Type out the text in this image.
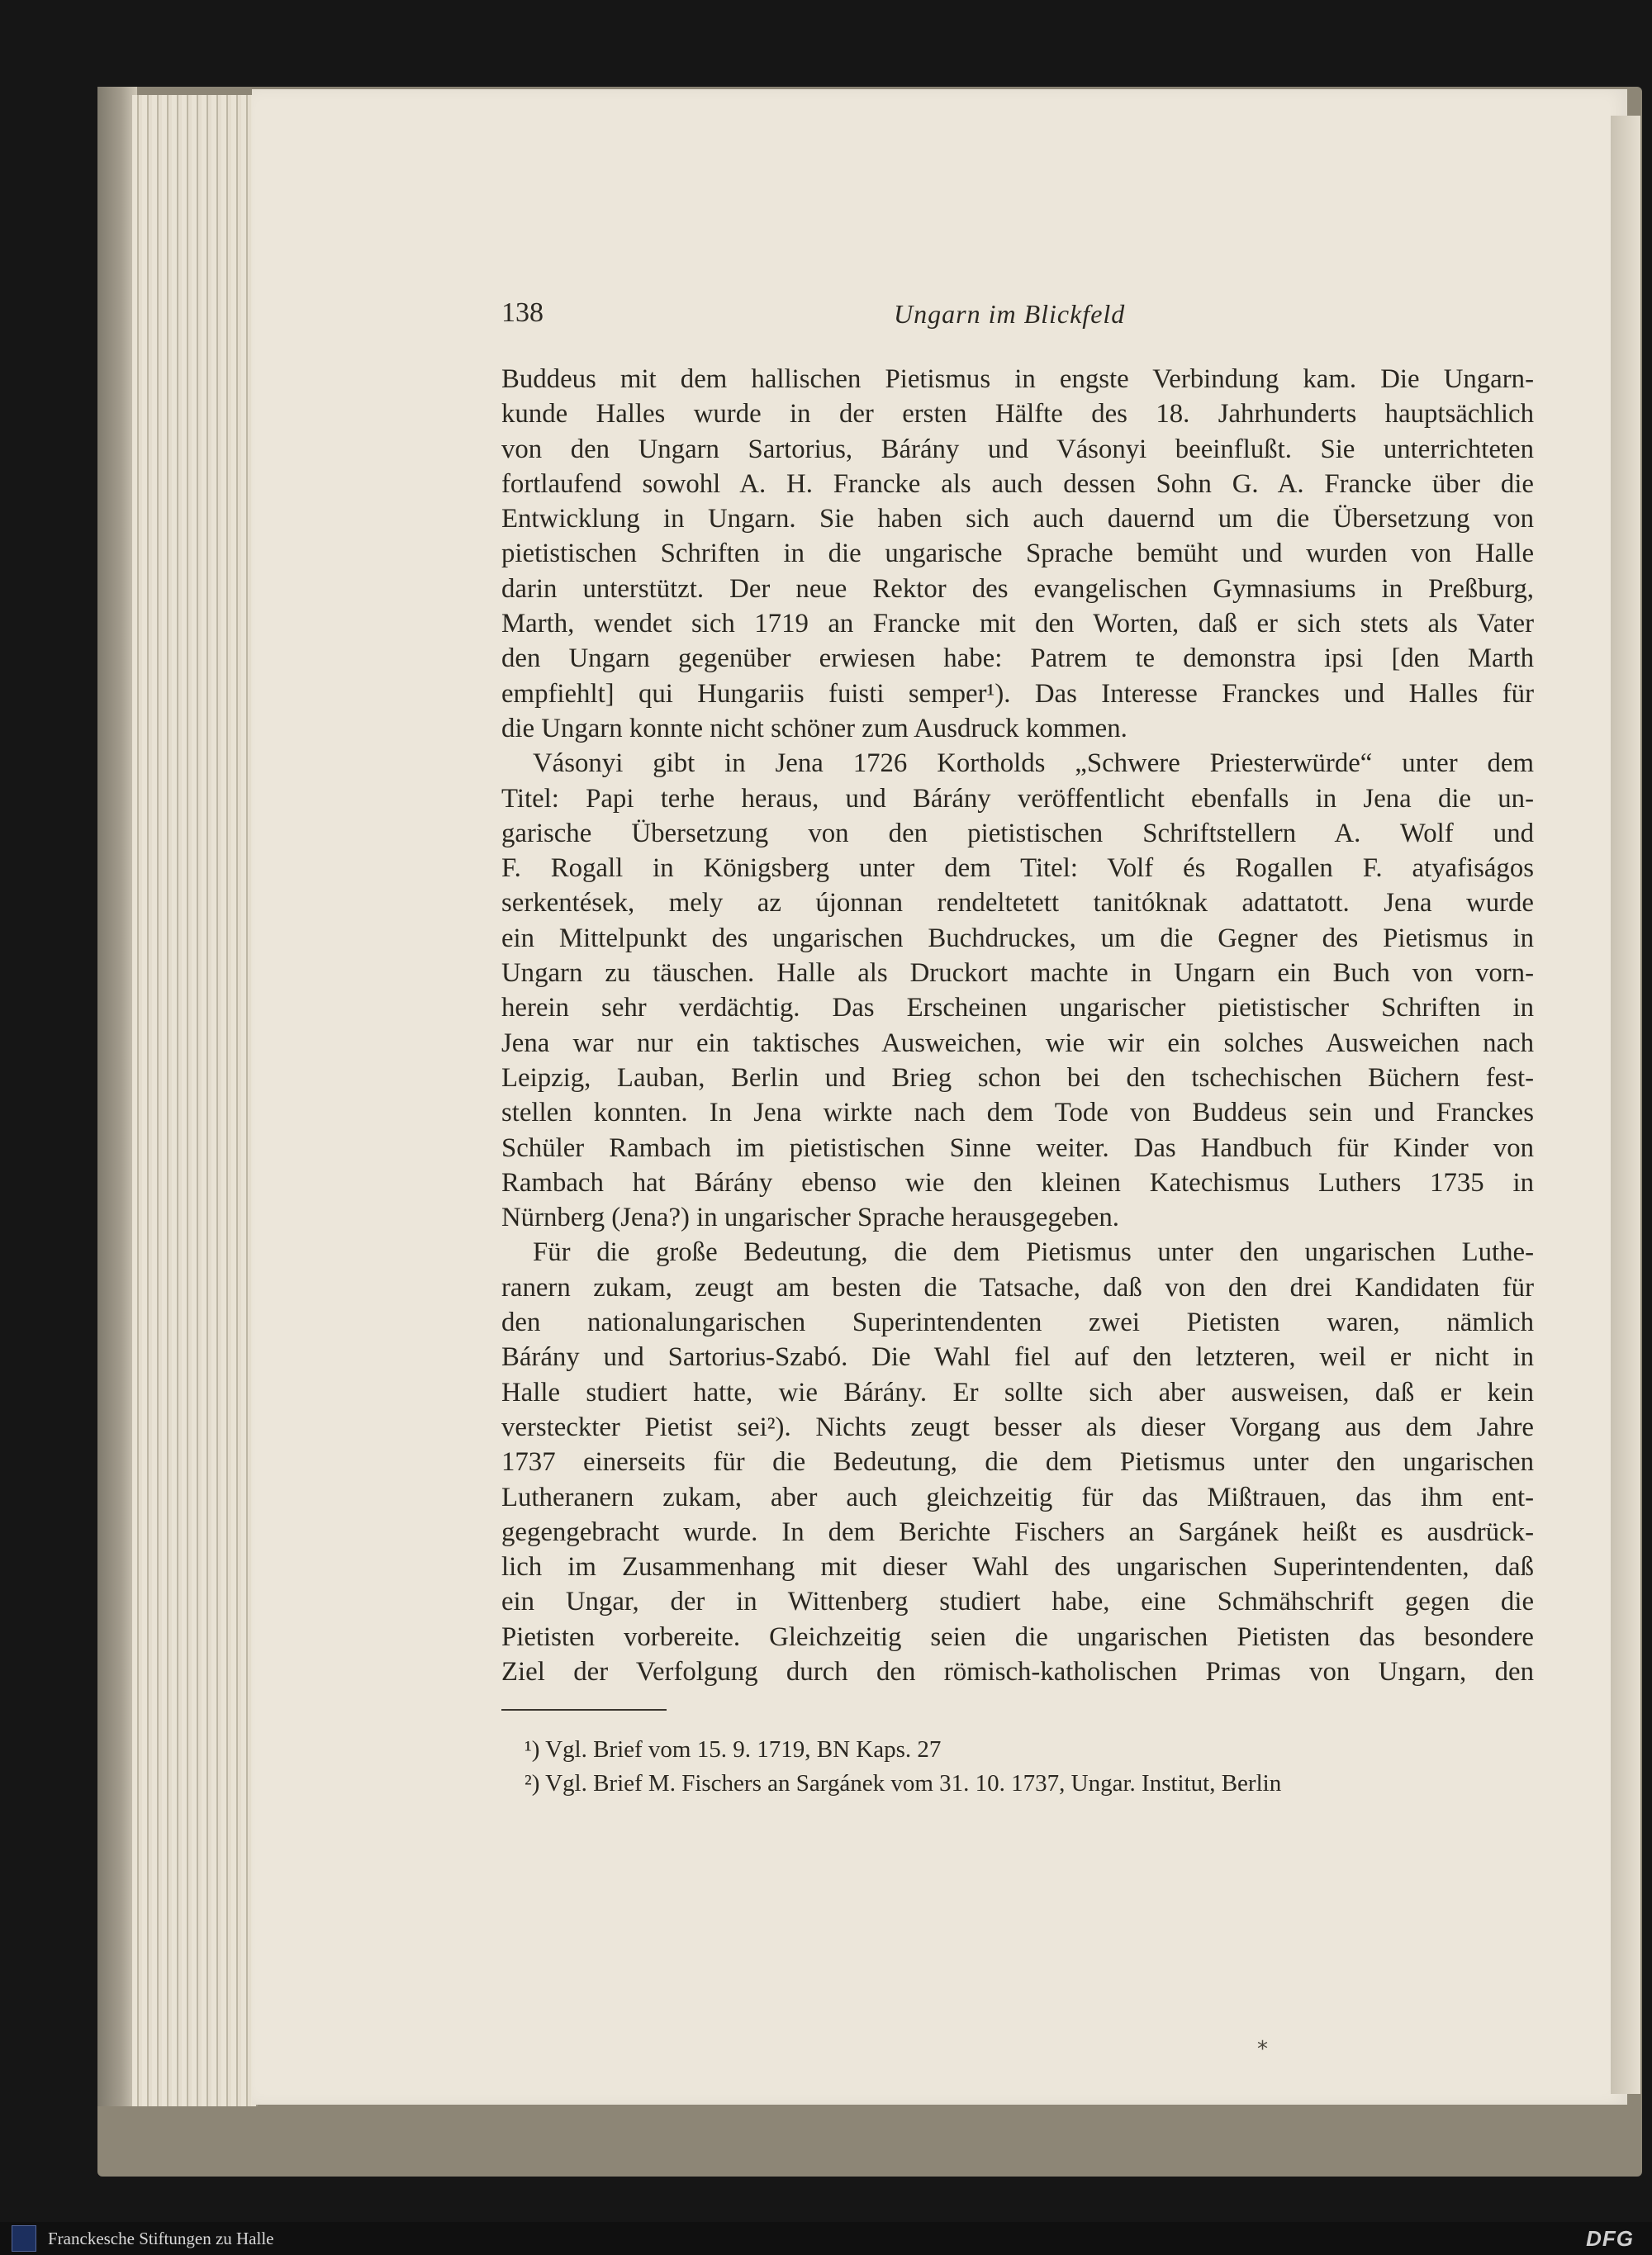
138	Ungarn im Blickfeld
Buddeus mit dem hallischen Pietismus in engste Verbindung kam. Die Ungarn-
kunde Halles wurde in der ersten Hälfte des 18. Jahrhunderts hauptsächlich
von den Ungarn Sartorius, Bárány und Vásonyi beeinflußt. Sie unterrichteten
fortlaufend sowohl A. H. Francke als auch dessen Sohn G. A. Francke über die
Entwicklung in Ungarn. Sie haben sich auch dauernd um die Übersetzung von
pietistischen Schriften in die ungarische Sprache bemüht und wurden von Halle
darin unterstützt. Der neue Rektor des evangelischen Gymnasiums in Preßburg,
Marth, wendet sich 1719 an Francke mit den Worten, daß er sich stets als Vater
den Ungarn gegenüber erwiesen habe: Patrem te demonstra ipsi [den Marth
empfiehlt] qui Hungariis fuisti semper¹). Das Interesse Franckes und Halles für
die Ungarn konnte nicht schöner zum Ausdruck kommen.
Vásonyi gibt in Jena 1726 Kortholds „Schwere Priesterwürde“ unter dem
Titel: Papi terhe heraus, und Bárány veröffentlicht ebenfalls in Jena die un-
garische Übersetzung von den pietistischen Schriftstellern A. Wolf und
F. Rogall in Königsberg unter dem Titel: Volf és Rogallen F. atyafiságos
serkentések, mely az újonnan rendeltetett tanitóknak adattatott. Jena wurde
ein Mittelpunkt des ungarischen Buchdruckes, um die Gegner des Pietismus in
Ungarn zu täuschen. Halle als Druckort machte in Ungarn ein Buch von vorn-
herein sehr verdächtig. Das Erscheinen ungarischer pietistischer Schriften in
Jena war nur ein taktisches Ausweichen, wie wir ein solches Ausweichen nach
Leipzig, Lauban, Berlin und Brieg schon bei den tschechischen Büchern fest-
stellen konnten. In Jena wirkte nach dem Tode von Buddeus sein und Franckes
Schüler Rambach im pietistischen Sinne weiter. Das Handbuch für Kinder von
Rambach hat Bárány ebenso wie den kleinen Katechismus Luthers 1735 in
Nürnberg (Jena?) in ungarischer Sprache herausgegeben.
Für die große Bedeutung, die dem Pietismus unter den ungarischen Luthe-
ranern zukam, zeugt am besten die Tatsache, daß von den drei Kandidaten für
den nationalungarischen Superintendenten zwei Pietisten waren, nämlich
Bárány und Sartorius-Szabó. Die Wahl fiel auf den letzteren, weil er nicht in
Halle studiert hatte, wie Bárány. Er sollte sich aber ausweisen, daß er kein
versteckter Pietist sei²). Nichts zeugt besser als dieser Vorgang aus dem Jahre
1737 einerseits für die Bedeutung, die dem Pietismus unter den ungarischen
Lutheranern zukam, aber auch gleichzeitig für das Mißtrauen, das ihm ent-
gegengebracht wurde. In dem Berichte Fischers an Sargánek heißt es ausdrück-
lich im Zusammenhang mit dieser Wahl des ungarischen Superintendenten, daß
ein Ungar, der in Wittenberg studiert habe, eine Schmähschrift gegen die
Pietisten vorbereite. Gleichzeitig seien die ungarischen Pietisten das besondere
Ziel der Verfolgung durch den römisch-katholischen Primas von Ungarn, den
¹) Vgl. Brief vom 15. 9. 1719, BN Kaps. 27
²) Vgl. Brief M. Fischers an Sargánek vom 31. 10. 1737, Ungar. Institut, Berlin
⁎
Franckesche Stiftungen zu Halle	DFG
